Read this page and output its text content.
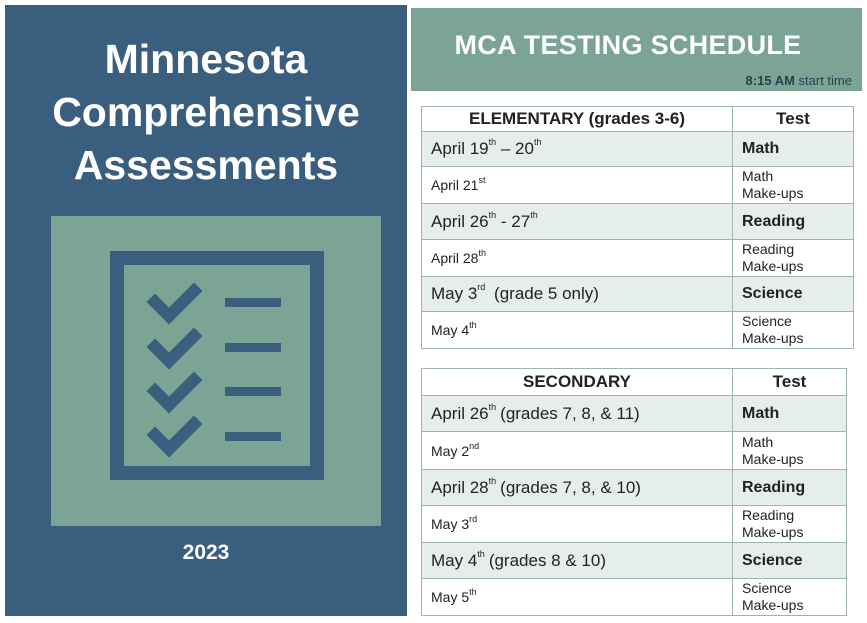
Minnesota
Comprehensive
Assessments
2023
MCA TESTING SCHEDULE
8:15 AM start time
ELEMENTARY (grades 3-6)	Test
April 19th – 20th	Math

April 21st	Math
Make-ups

April 26th - 27th	Reading

April 28th	Reading
Make-ups

May 3rd (grade 5 only)	Science

May 4th	Science
Make-ups
SECONDARY	Test
April 26th (grades 7, 8, & 11)	Math

May 2nd	Math
Make-ups

April 28th (grades 7, 8, & 10)	Reading

May 3rd	Reading
Make-ups

May 4th (grades 8 & 10)	Science

May 5th	Science
Make-ups
